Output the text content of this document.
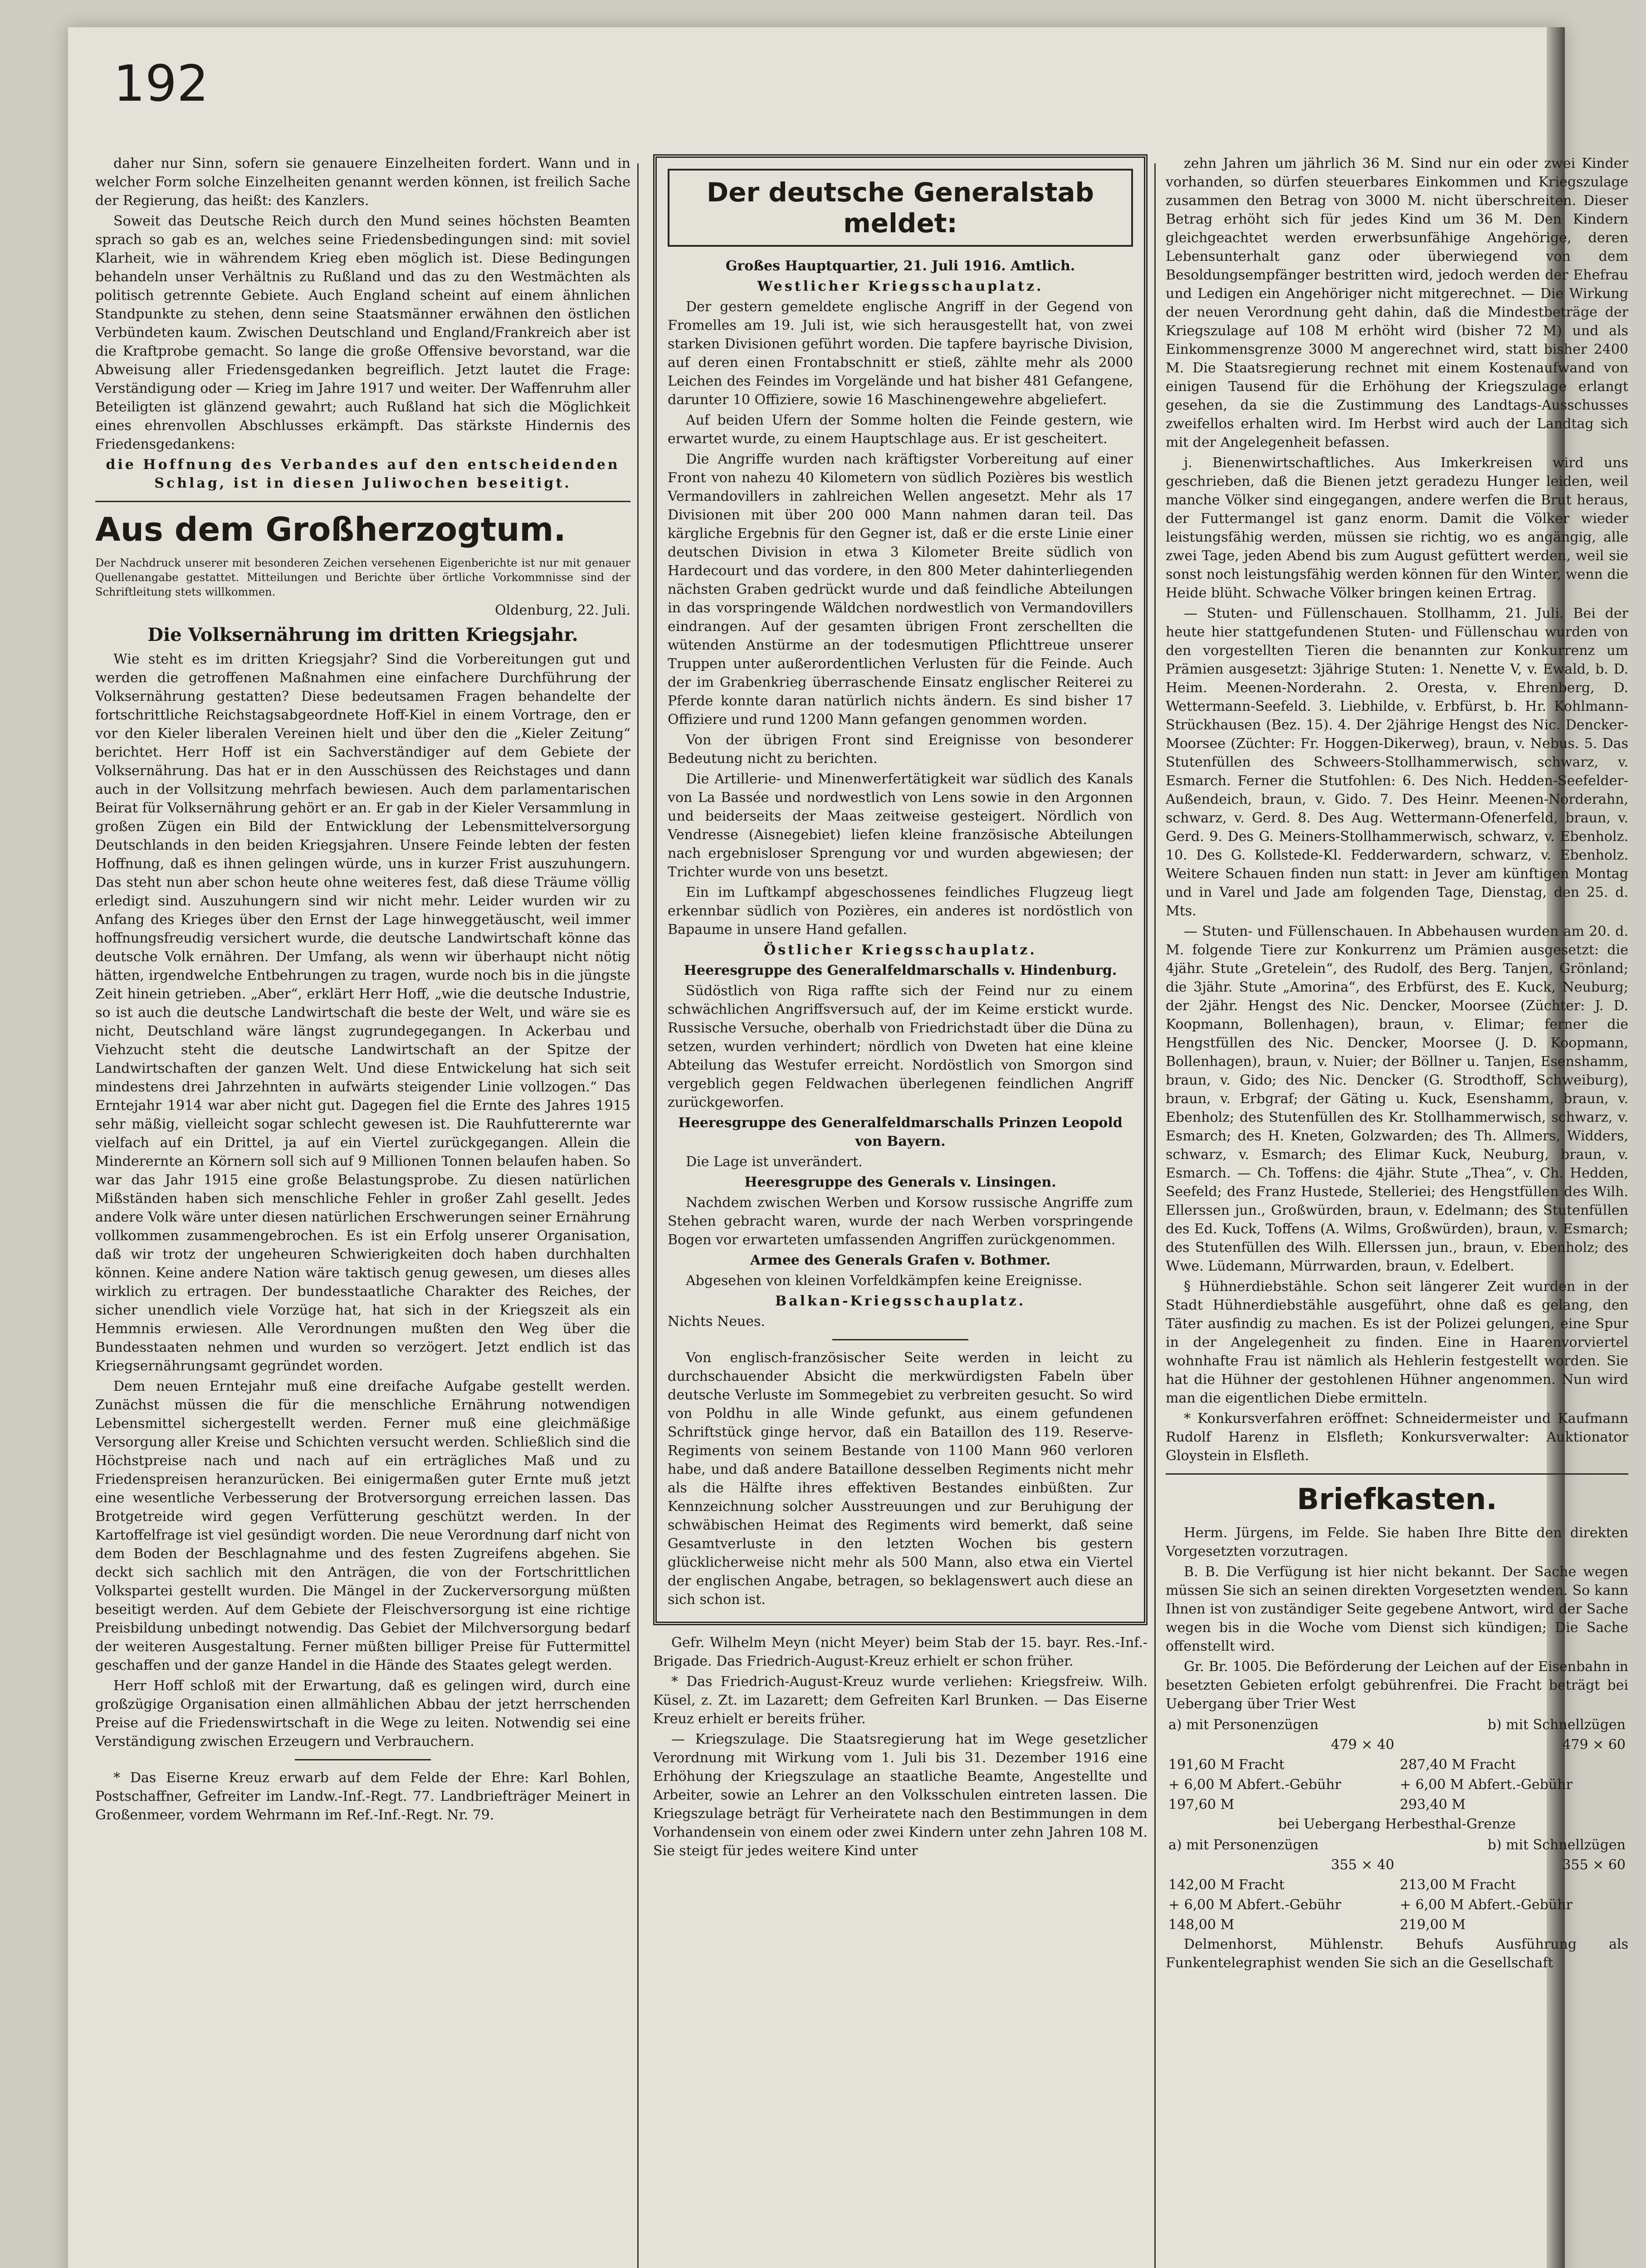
192

daher nur Sinn, sofern sie genauere Einzelheiten fordert. Wann und in welcher Form solche Einzelheiten genannt werden können, ist freilich Sache der Regierung, das heißt: des Kanzlers.

Soweit das Deutsche Reich durch den Mund seines höchsten Beamten sprach so gab es an, welches seine Friedensbedingungen sind: mit soviel Klarheit, wie in währendem Krieg eben möglich ist. Diese Bedingungen behandeln unser Verhältnis zu Rußland und das zu den Westmächten als politisch getrennte Gebiete. Auch England scheint auf einem ähnlichen Standpunkte zu stehen, denn seine Staatsmänner erwähnen den östlichen Verbündeten kaum. Zwischen Deutschland und England/Frankreich aber ist die Kraftprobe gemacht. So lange die große Offensive bevorstand, war die Abweisung aller Friedensgedanken begreiflich. Jetzt lautet die Frage: Verständigung oder — Krieg im Jahre 1917 und weiter. Der Waffenruhm aller Beteiligten ist glänzend gewahrt; auch Rußland hat sich die Möglichkeit eines ehrenvollen Abschlusses erkämpft. Das stärkste Hindernis des Friedensgedankens:

die Hoffnung des Verbandes auf den entscheidenden Schlag, ist in diesen Juliwochen beseitigt.

Aus dem Großherzogtum.

Der Nachdruck unserer mit besonderen Zeichen versehenen Eigenberichte ist nur mit genauer Quellenangabe gestattet. Mitteilungen und Berichte über örtliche Vorkommnisse sind der Schriftleitung stets willkommen.

Oldenburg, 22. Juli.

Die Volksernährung im dritten Kriegsjahr.

Wie steht es im dritten Kriegsjahr? Sind die Vorbereitungen gut und werden die getroffenen Maßnahmen eine einfachere Durchführung der Volksernährung gestatten? Diese bedeutsamen Fragen behandelte der fortschrittliche Reichstagsabgeordnete Hoff-Kiel in einem Vortrage, den er vor den Kieler liberalen Vereinen hielt und über den die „Kieler Zeitung“ berichtet. Herr Hoff ist ein Sachverständiger auf dem Gebiete der Volksernährung. Das hat er in den Ausschüssen des Reichstages und dann auch in der Vollsitzung mehrfach bewiesen. Auch dem parlamentarischen Beirat für Volksernährung gehört er an. Er gab in der Kieler Versammlung in großen Zügen ein Bild der Entwicklung der Lebensmittelversorgung Deutschlands in den beiden Kriegsjahren. Unsere Feinde lebten der festen Hoffnung, daß es ihnen gelingen würde, uns in kurzer Frist auszuhungern. Das steht nun aber schon heute ohne weiteres fest, daß diese Träume völlig erledigt sind. Auszuhungern sind wir nicht mehr. Leider wurden wir zu Anfang des Krieges über den Ernst der Lage hinweggetäuscht, weil immer hoffnungsfreudig versichert wurde, die deutsche Landwirtschaft könne das deutsche Volk ernähren. Der Umfang, als wenn wir überhaupt nicht nötig hätten, irgendwelche Entbehrungen zu tragen, wurde noch bis in die jüngste Zeit hinein getrieben. „Aber“, erklärt Herr Hoff, „wie die deutsche Industrie, so ist auch die deutsche Landwirtschaft die beste der Welt, und wäre sie es nicht, Deutschland wäre längst zugrundegegangen. In Ackerbau und Viehzucht steht die deutsche Landwirtschaft an der Spitze der Landwirtschaften der ganzen Welt. Und diese Entwickelung hat sich seit mindestens drei Jahrzehnten in aufwärts steigender Linie vollzogen.“ Das Erntejahr 1914 war aber nicht gut. Dagegen fiel die Ernte des Jahres 1915 sehr mäßig, vielleicht sogar schlecht gewesen ist. Die Rauhfutterernte war vielfach auf ein Drittel, ja auf ein Viertel zurückgegangen. Allein die Mindererntе an Körnern soll sich auf 9 Millionen Tonnen belaufen haben. So war das Jahr 1915 eine große Belastungsprobe. Zu diesen natürlichen Mißständen haben sich menschliche Fehler in großer Zahl gesellt. Jedes andere Volk wäre unter diesen natürlichen Erschwerungen seiner Ernährung vollkommen zusammengebrochen. Es ist ein Erfolg unserer Organisation, daß wir trotz der ungeheuren Schwierigkeiten doch haben durchhalten können. Keine andere Nation wäre taktisch genug gewesen, um dieses alles wirklich zu ertragen. Der bundesstaatliche Charakter des Reiches, der sicher unendlich viele Vorzüge hat, hat sich in der Kriegszeit als ein Hemmnis erwiesen. Alle Verordnungen mußten den Weg über die Bundesstaaten nehmen und wurden so verzögert. Jetzt endlich ist das Kriegsernährungsamt gegründet worden.

Dem neuen Erntejahr muß eine dreifache Aufgabe gestellt werden. Zunächst müssen die für die menschliche Ernährung notwendigen Lebensmittel sichergestellt werden. Ferner muß eine gleichmäßige Versorgung aller Kreise und Schichten versucht werden. Schließlich sind die Höchstpreise nach und nach auf ein erträgliches Maß und zu Friedenspreisen heranzurücken. Bei einigermaßen guter Ernte muß jetzt eine wesentliche Verbesserung der Brotversorgung erreichen lassen. Das Brotgetreide wird gegen Verfütterung geschützt werden. In der Kartoffelfrage ist viel gesündigt worden. Die neue Verordnung darf nicht von dem Boden der Beschlagnahme und des festen Zugreifens abgehen. Sie deckt sich sachlich mit den Anträgen, die von der Fortschrittlichen Volkspartei gestellt wurden. Die Mängel in der Zuckerversorgung müßten beseitigt werden. Auf dem Gebiete der Fleischversorgung ist eine richtige Preisbildung unbedingt notwendig. Das Gebiet der Milchversorgung bedarf der weiteren Ausgestaltung. Ferner müßten billiger Preise für Futtermittel geschaffen und der ganze Handel in die Hände des Staates gelegt werden.

Herr Hoff schloß mit der Erwartung, daß es gelingen wird, durch eine großzügige Organisation einen allmählichen Abbau der jetzt herrschenden Preise auf die Friedenswirtschaft in die Wege zu leiten. Notwendig sei eine Verständigung zwischen Erzeugern und Verbrauchern.

* Das Eiserne Kreuz erwarb auf dem Felde der Ehre: Karl Bohlen, Postschaffner, Gefreiter im Landw.-Inf.-Regt. 77. Landbriefträger Meinert in Großenmeer, vordem Wehrmann im Ref.-Inf.-Regt. Nr. 79.

Der deutsche Generalstab meldet:

Großes Hauptquartier, 21. Juli 1916. Amtlich.

Westlicher Kriegsschauplatz.

Der gestern gemeldete englische Angriff in der Gegend von Fromelles am 19. Juli ist, wie sich herausgestellt hat, von zwei starken Divisionen geführt worden. Die tapfere bayrische Division, auf deren einen Frontabschnitt er stieß, zählte mehr als 2000 Leichen des Feindes im Vorgelände und hat bisher 481 Gefangene, darunter 10 Offiziere, sowie 16 Maschinengewehre abgeliefert.

Auf beiden Ufern der Somme holten die Feinde gestern, wie erwartet wurde, zu einem Hauptschlage aus. Er ist gescheitert.

Die Angriffe wurden nach kräftigster Vorbereitung auf einer Front von nahezu 40 Kilometern von südlich Pozières bis westlich Vermandovillers in zahlreichen Wellen angesetzt. Mehr als 17 Divisionen mit über 200 000 Mann nahmen daran teil. Das kärgliche Ergebnis für den Gegner ist, daß er die erste Linie einer deutschen Division in etwa 3 Kilometer Breite südlich von Hardecourt und das vordere, in den 800 Meter dahinterliegenden nächsten Graben gedrückt wurde und daß feindliche Abteilungen in das vorspringende Wäldchen nordwestlich von Vermandovillers eindrangen. Auf der gesamten übrigen Front zerschellten die wütenden Anstürme an der todesmutigen Pflichttreue unserer Truppen unter außerordentlichen Verlusten für die Feinde. Auch der im Grabenkrieg überraschende Einsatz englischer Reiterei zu Pferde konnte daran natürlich nichts ändern. Es sind bisher 17 Offiziere und rund 1200 Mann gefangen genommen worden.

Von der übrigen Front sind Ereignisse von besonderer Bedeutung nicht zu berichten.

Die Artillerie- und Minenwerfertätigkeit war südlich des Kanals von La Bassée und nordwestlich von Lens sowie in den Argonnen und beiderseits der Maas zeitweise gesteigert. Nördlich von Vendresse (Aisnegebiet) liefen kleine französische Abteilungen nach ergebnisloser Sprengung vor und wurden abgewiesen; der Trichter wurde von uns besetzt.

Ein im Luftkampf abgeschossenes feindliches Flugzeug liegt erkennbar südlich von Pozières, ein anderes ist nordöstlich von Bapaume in unsere Hand gefallen.

Östlicher Kriegsschauplatz.

Heeresgruppe des Generalfeldmarschalls v. Hindenburg.

Südöstlich von Riga raffte sich der Feind nur zu einem schwächlichen Angriffsversuch auf, der im Keime erstickt wurde. Russische Versuche, oberhalb von Friedrichstadt über die Düna zu setzen, wurden verhindert; nördlich von Dweten hat eine kleine Abteilung das Westufer erreicht. Nordöstlich von Smorgon sind vergeblich gegen Feldwachen überlegenen feindlichen Angriff zurückgeworfen.

Heeresgruppe des Generalfeldmarschalls Prinzen Leopold von Bayern.

Die Lage ist unverändert.

Heeresgruppe des Generals v. Linsingen.

Nachdem zwischen Werben und Korsow russische Angriffe zum Stehen gebracht waren, wurde der nach Werben vorspringende Bogen vor erwarteten umfassenden Angriffen zurückgenommen.

Armee des Generals Grafen v. Bothmer.

Abgesehen von kleinen Vorfeldkämpfen keine Ereignisse.

Balkan-Kriegsschauplatz.

Nichts Neues.

Von englisch-französischer Seite werden in leicht zu durchschauender Absicht die merkwürdigsten Fabeln über deutsche Verluste im Sommegebiet zu verbreiten gesucht. So wird von Poldhu in alle Winde gefunkt, aus einem gefundenen Schriftstück ginge hervor, daß ein Bataillon des 119. Reserve-Regiments von seinem Bestande von 1100 Mann 960 verloren habe, und daß andere Bataillone desselben Regiments nicht mehr als die Hälfte ihres effektiven Bestandes einbüßten. Zur Kennzeichnung solcher Ausstreuungen und zur Beruhigung der schwäbischen Heimat des Regiments wird bemerkt, daß seine Gesamtverluste in den letzten Wochen bis gestern glücklicherweise nicht mehr als 500 Mann, also etwa ein Viertel der englischen Angabe, betragen, so beklagenswert auch diese an sich schon ist.

Gefr. Wilhelm Meyn (nicht Meyer) beim Stab der 15. bayr. Res.-Inf.-Brigade. Das Friedrich-August-Kreuz erhielt er schon früher.

* Das Friedrich-August-Kreuz wurde verliehen: Kriegsfreiw. Wilh. Küsel, z. Zt. im Lazarett; dem Gefreiten Karl Brunken. — Das Eiserne Kreuz erhielt er bereits früher.

— Kriegszulage. Die Staatsregierung hat im Wege gesetzlicher Verordnung mit Wirkung vom 1. Juli bis 31. Dezember 1916 eine Erhöhung der Kriegszulage an staatliche Beamte, Angestellte und Arbeiter, sowie an Lehrer an den Volksschulen eintreten lassen. Die Kriegszulage beträgt für Verheiratete nach den Bestimmungen in dem Vorhandensein von einem oder zwei Kindern unter zehn Jahren 108 M. Sie steigt für jedes weitere Kind unter

zehn Jahren um jährlich 36 M. Sind nur ein oder zwei Kinder vorhanden, so dürfen steuerbares Einkommen und Kriegszulage zusammen den Betrag von 3000 M. nicht überschreiten. Dieser Betrag erhöht sich für jedes Kind um 36 M. Den Kindern gleichgeachtet werden erwerbsunfähige Angehörige, deren Lebensunterhalt ganz oder überwiegend von dem Besoldungsempfänger bestritten wird, jedoch werden der Ehefrau und Ledigen ein Angehöriger nicht mitgerechnet. — Die Wirkung der neuen Verordnung geht dahin, daß die Mindestbeträge der Kriegszulage auf 108 M erhöht wird (bisher 72 M) und als Einkommensgrenze 3000 M angerechnet wird, statt bisher 2400 M. Die Staatsregierung rechnet mit einem Kostenaufwand von einigen Tausend für die Erhöhung der Kriegszulage erlangt gesehen, da sie die Zustimmung des Landtags-Ausschusses zweifellos erhalten wird. Im Herbst wird auch der Landtag sich mit der Angelegenheit befassen.

j. Bienenwirtschaftliches. Aus Imkerkreisen wird uns geschrieben, daß die Bienen jetzt geradezu Hunger leiden, weil manche Völker sind eingegangen, andere werfen die Brut heraus, der Futtermangel ist ganz enorm. Damit die Völker wieder leistungsfähig werden, müssen sie richtig, wo es angängig, alle zwei Tage, jeden Abend bis zum August gefüttert werden, weil sie sonst noch leistungsfähig werden können für den Winter, wenn die Heide blüht. Schwache Völker bringen keinen Ertrag.

— Stuten- und Füllenschauen. Stollhamm, 21. Juli. Bei der heute hier stattgefundenen Stuten- und Füllenschau wurden von den vorgestellten Tieren die benannten zur Konkurrenz um Prämien ausgesetzt: 3jährige Stuten: 1. Nenette V, v. Ewald, b. D. Heim. Meenen-Norderahn. 2. Oresta, v. Ehrenberg, D. Wettermann-Seefeld. 3. Liebhilde, v. Erbfürst, b. Hr. Kohlmann-Strückhausen (Bez. 15). 4. Der 2jährige Hengst des Nic. Dencker-Moorsee (Züchter: Fr. Hoggen-Dikerweg), braun, v. Nebus. 5. Das Stutenfüllen des Schweers-Stollhammerwisch, schwarz, v. Esmarch. Ferner die Stutfohlen: 6. Des Nich. Hedden-Seefelder-Außendeich, braun, v. Gido. 7. Des Heinr. Meenen-Norderahn, schwarz, v. Gerd. 8. Des Aug. Wettermann-Ofenerfeld, braun, v. Gerd. 9. Des G. Meiners-Stollhammerwisch, schwarz, v. Ebenholz. 10. Des G. Kollstede-Kl. Fedderwardern, schwarz, v. Ebenholz. Weitere Schauen finden nun statt: in Jever am künftigen Montag und in Varel und Jade am folgenden Tage, Dienstag, den 25. d. Mts.

— Stuten- und Füllenschauen. In Abbehausen wurden am 20. d. M. folgende Tiere zur Konkurrenz um Prämien ausgesetzt: die 4jähr. Stute „Gretelein“, des Rudolf, des Berg. Tanjen, Grönland; die 3jähr. Stute „Amorina“, des Erbfürst, des E. Kuck, Neuburg; der 2jähr. Hengst des Nic. Dencker, Moorsee (Züchter: J. D. Koopmann, Bollenhagen), braun, v. Elimar; ferner die Hengstfüllen des Nic. Dencker, Moorsee (J. D. Koopmann, Bollenhagen), braun, v. Nuier; der Böllner u. Tanjen, Esenshamm, braun, v. Gido; des Nic. Dencker (G. Strodthoff, Schweiburg), braun, v. Erbgraf; der Gäting u. Kuck, Esenshamm, braun, v. Ebenholz; des Stutenfüllen des Kr. Stollhammerwisch, schwarz, v. Esmarch; des H. Kneten, Golzwarden; des Th. Allmers, Widders, schwarz, v. Esmarch; des Elimar Kuck, Neuburg, braun, v. Esmarch. — Ch. Toffens: die 4jähr. Stute „Thea“, v. Ch. Hedden, Seefeld; des Franz Hustede, Stelleriei; des Hengstfüllen des Wilh. Ellerssen jun., Großwürden, braun, v. Edelmann; des Stutenfüllen des Ed. Kuck, Toffens (A. Wilms, Großwürden), braun, v. Esmarch; des Stutenfüllen des Wilh. Ellerssen jun., braun, v. Ebenholz; des Wwe. Lüdemann, Mürrwarden, braun, v. Edelbert.

§ Hühnerdiebstähle. Schon seit längerer Zeit wurden in der Stadt Hühnerdiebstähle ausgeführt, ohne daß es gelang, den Täter ausfindig zu machen. Es ist der Polizei gelungen, eine Spur in der Angelegenheit zu finden. Eine in Haarenvorviertel wohnhafte Frau ist nämlich als Hehlerin festgestellt worden. Sie hat die Hühner der gestohlenen Hühner angenommen. Nun wird man die eigentlichen Diebe ermitteln.

* Konkursverfahren eröffnet: Schneidermeister und Kaufmann Rudolf Harenz in Elsfleth; Konkursverwalter: Auktionator Gloystein in Elsfleth.

Briefkasten.

Herm. Jürgens, im Felde. Sie haben Ihre Bitte den direkten Vorgesetzten vorzutragen.

B. B. Die Verfügung ist hier nicht bekannt. Der Sache wegen müssen Sie sich an seinen direkten Vorgesetzten wenden. So kann Ihnen ist von zuständiger Seite gegebene Antwort, wird der Sache wegen bis in die Woche vom Dienst sich kündigen; Die Sache offenstellt wird.

Gr. Br. 1005. Die Beförderung der Leichen auf der Eisenbahn in besetzten Gebieten erfolgt gebührenfrei. Die Fracht beträgt bei Uebergang über Trier West

a) mit Personenzügen	b) mit Schnellzügen
479 × 40	479 × 60
191,60 M Fracht	287,40 M Fracht
+ 6,00 M Abfert.-Gebühr	+ 6,00 M Abfert.-Gebühr
197,60 M	293,40 M

bei Uebergang Herbesthal-Grenze

a) mit Personenzügen	b) mit Schnellzügen
355 × 40	355 × 60
142,00 M Fracht	213,00 M Fracht
+ 6,00 M Abfert.-Gebühr	+ 6,00 M Abfert.-Gebühr
148,00 M	219,00 M

Delmenhorst, Mühlenstr. Behufs Ausführung als Funkentelegraphist wenden Sie sich an die Gesellschaft
